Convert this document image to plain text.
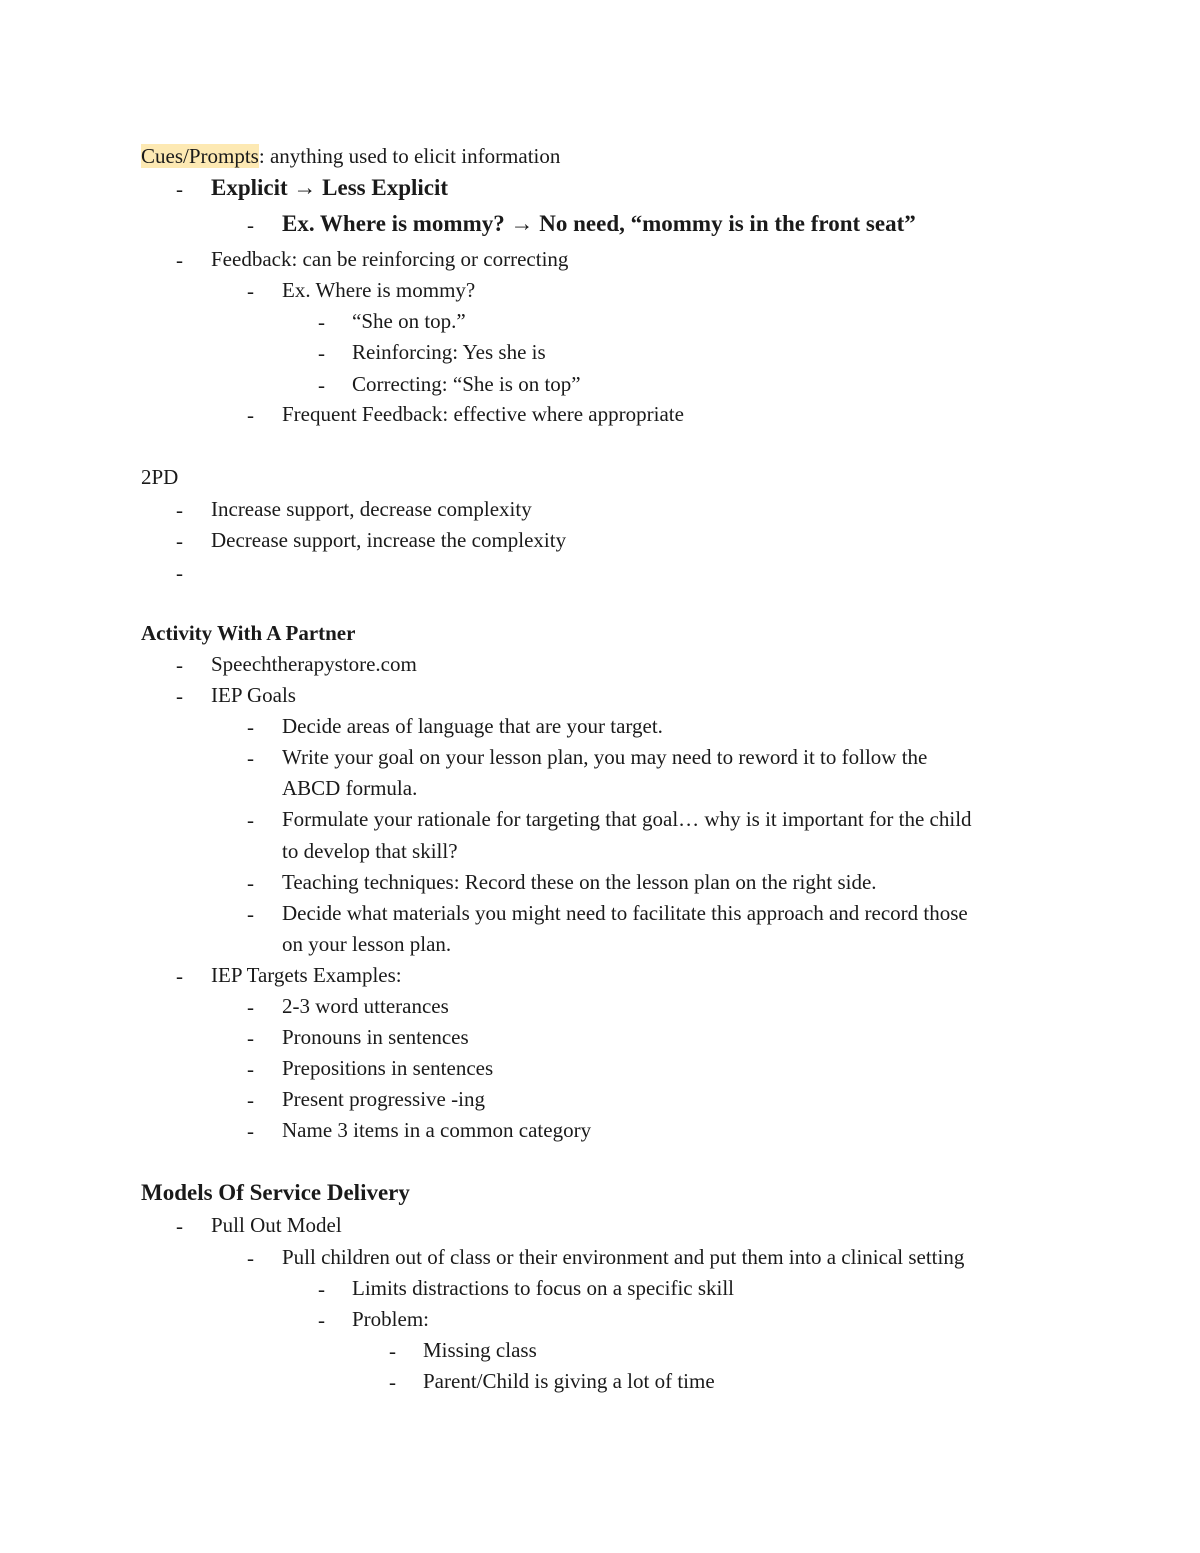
Cues/Prompts: anything used to elicit information
- Explicit → Less Explicit
- Ex. Where is mommy? → No need, “mommy is in the front seat”
- Feedback: can be reinforcing or correcting
- Ex. Where is mommy?
- “She on top.”
- Reinforcing: Yes she is
- Correcting: “She is on top”
- Frequent Feedback: effective where appropriate
2PD
- Increase support, decrease complexity
- Decrease support, increase the complexity
-
Activity With A Partner
- Speechtherapystore.com
- IEP Goals
- Decide areas of language that are your target.
- Write your goal on your lesson plan, you may need to reword it to follow the
ABCD formula.
- Formulate your rationale for targeting that goal… why is it important for the child
to develop that skill?
- Teaching techniques: Record these on the lesson plan on the right side.
- Decide what materials you might need to facilitate this approach and record those
on your lesson plan.
- IEP Targets Examples:
- 2-3 word utterances
- Pronouns in sentences
- Prepositions in sentences
- Present progressive -ing
- Name 3 items in a common category
Models Of Service Delivery
- Pull Out Model
- Pull children out of class or their environment and put them into a clinical setting
- Limits distractions to focus on a specific skill
- Problem:
- Missing class
- Parent/Child is giving a lot of time
